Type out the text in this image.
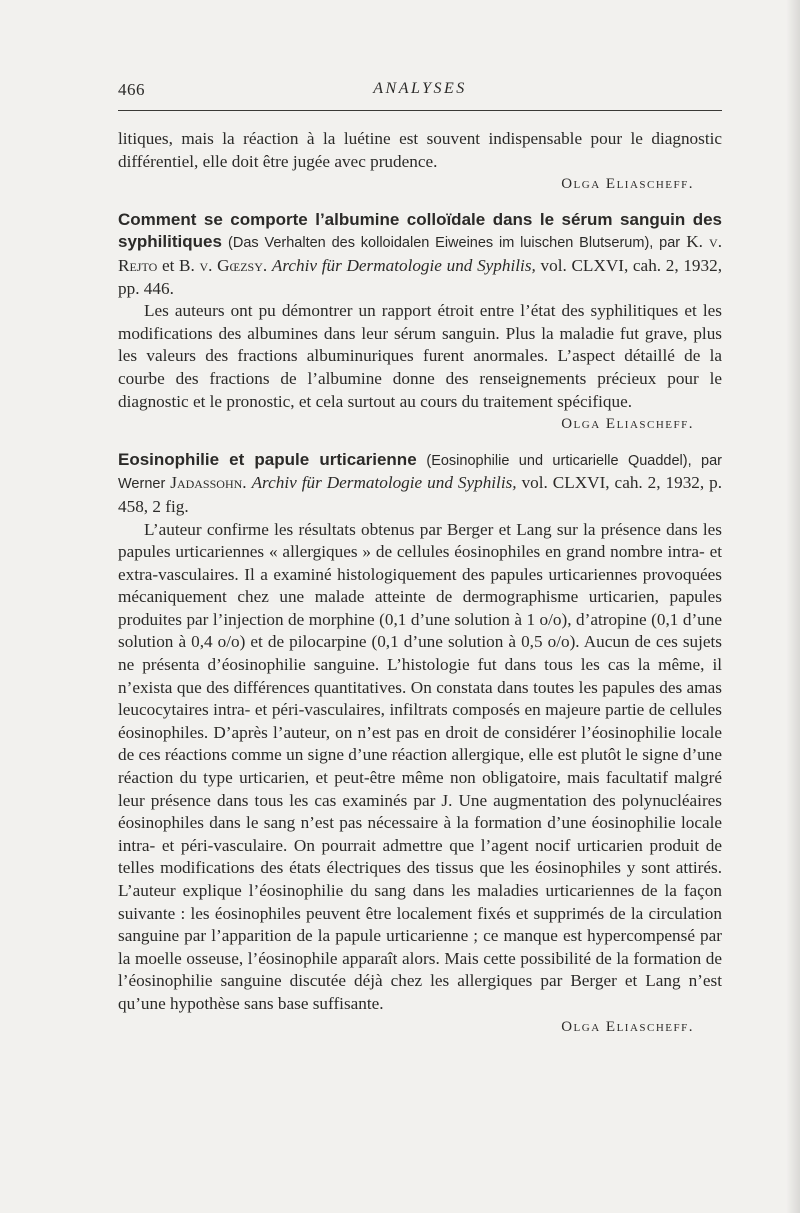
466	ANALYSES

litiques, mais la réaction à la luétine est souvent indispensable pour le diagnostic différentiel, elle doit être jugée avec prudence.

Olga Eliascheff.

Comment se comporte l’albumine colloïdale dans le sérum sanguin des syphilitiques (Das Verhalten des kolloidalen Eiweines im luischen Blutserum), par K. v. Rejto et B. v. Gœzsy. Archiv für Dermatologie und Syphilis, vol. CLXVI, cah. 2, 1932, pp. 446.

Les auteurs ont pu démontrer un rapport étroit entre l’état des syphilitiques et les modifications des albumines dans leur sérum sanguin. Plus la maladie fut grave, plus les valeurs des fractions albuminuriques furent anormales. L’aspect détaillé de la courbe des fractions de l’albumine donne des renseignements précieux pour le diagnostic et le pronostic, et cela surtout au cours du traitement spécifique.

Olga Eliascheff.

Eosinophilie et papule urticarienne (Eosinophilie und urticarielle Quaddel), par Werner Jadassohn. Archiv für Dermatologie und Syphilis, vol. CLXVI, cah. 2, 1932, p. 458, 2 fig.

L’auteur confirme les résultats obtenus par Berger et Lang sur la présence dans les papules urticariennes « allergiques » de cellules éosinophiles en grand nombre intra- et extra-vasculaires. Il a examiné histologiquement des papules urticariennes provoquées mécaniquement chez une malade atteinte de dermographisme urticarien, papules produites par l’injection de morphine (0,1 d’une solution à 1 o/o), d’atropine (0,1 d’une solution à 0,4 o/o) et de pilocarpine (0,1 d’une solution à 0,5 o/o). Aucun de ces sujets ne présenta d’éosinophilie sanguine. L’histologie fut dans tous les cas la même, il n’exista que des différences quantitatives. On constata dans toutes les papules des amas leucocytaires intra- et péri-vasculaires, infiltrats composés en majeure partie de cellules éosinophiles. D’après l’auteur, on n’est pas en droit de considérer l’éosinophilie locale de ces réactions comme un signe d’une réaction allergique, elle est plutôt le signe d’une réaction du type urticarien, et peut-être même non obligatoire, mais facultatif malgré leur présence dans tous les cas examinés par J. Une augmentation des polynucléaires éosinophiles dans le sang n’est pas nécessaire à la formation d’une éosinophilie locale intra- et péri-vasculaire. On pourrait admettre que l’agent nocif urticarien produit de telles modifications des états électriques des tissus que les éosinophiles y sont attirés. L’auteur explique l’éosinophilie du sang dans les maladies urticariennes de la façon suivante : les éosinophiles peuvent être localement fixés et supprimés de la circulation sanguine par l’apparition de la papule urticarienne ; ce manque est hypercompensé par la moelle osseuse, l’éosinophile apparaît alors. Mais cette possibilité de la formation de l’éosinophilie sanguine discutée déjà chez les allergiques par Berger et Lang n’est qu’une hypothèse sans base suffisante.

Olga Eliascheff.
